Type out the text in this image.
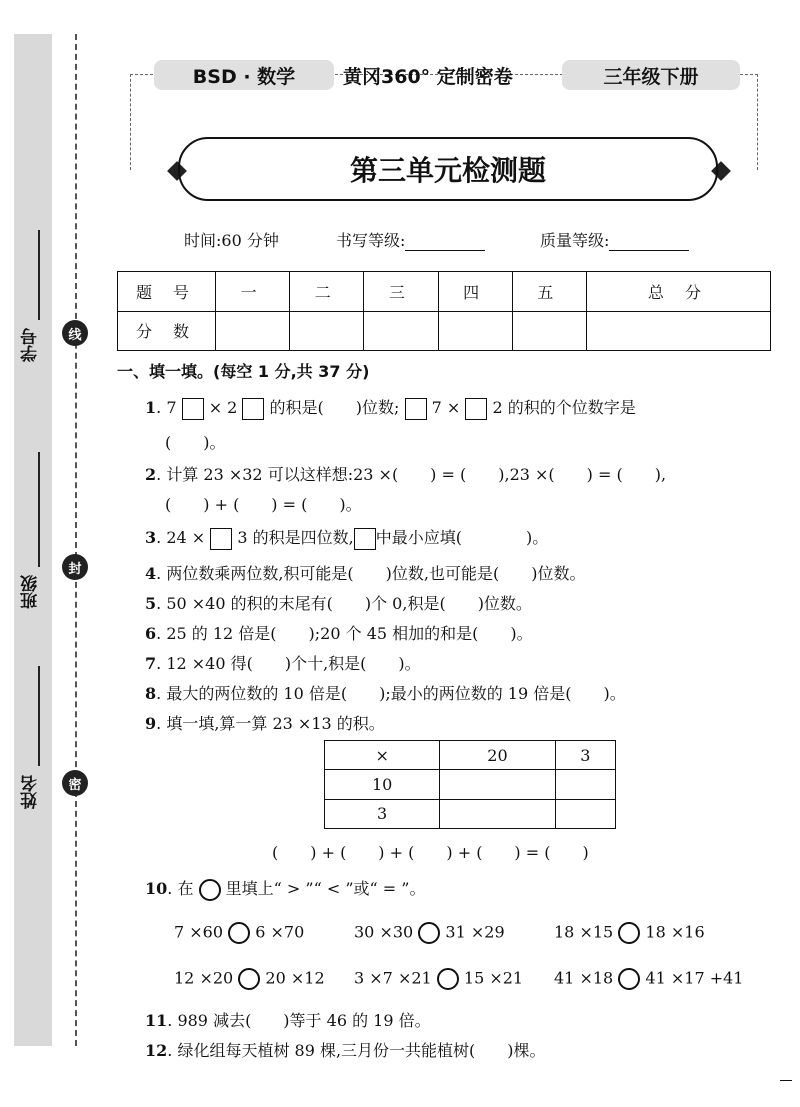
学号
班级
姓名
线
封
密
BSD · 数学	黄冈360° 定制密卷	三年级下册
第三单元检测题
时间:60 分钟	书写等级:	质量等级:
题 号	一	二	三	四	五	总 分
分 数						
一、填一填。(每空 1 分,共 37 分)
1. 7 × 2 的积是(　　)位数; 7 × 2 的积的个位数字是
(　　)。
2. 计算 23 ×32 可以这样想:23 ×(　　) = (　　),23 ×(　　) = (　　),
(　　) + (　　) = (　　)。
3. 24 × 3 的积是四位数, 中最小应填(　　　　)。
4. 两位数乘两位数,积可能是(　　)位数,也可能是(　　)位数。
5. 50 ×40 的积的末尾有(　　)个 0,积是(　　)位数。
6. 25 的 12 倍是(　　);20 个 45 相加的和是(　　)。
7. 12 ×40 得(　　)个十,积是(　　)。
8. 最大的两位数的 10 倍是(　　);最小的两位数的 19 倍是(　　)。
9. 填一填,算一算 23 ×13 的积。
×	20	3
10		
3		
(　　) + (　　) + (　　) + (　　) = (　　)
10. 在 里填上“ > ”“ < ”或“ = ”。
7 ×60 6 ×70	30 ×30 31 ×29	18 ×15 18 ×16
12 ×20 20 ×12 3 ×7 ×21 15 ×21 41 ×18 41 ×17 +41
11. 989 减去(　　)等于 46 的 19 倍。
12. 绿化组每天植树 89 棵,三月份一共能植树(　　)棵。
